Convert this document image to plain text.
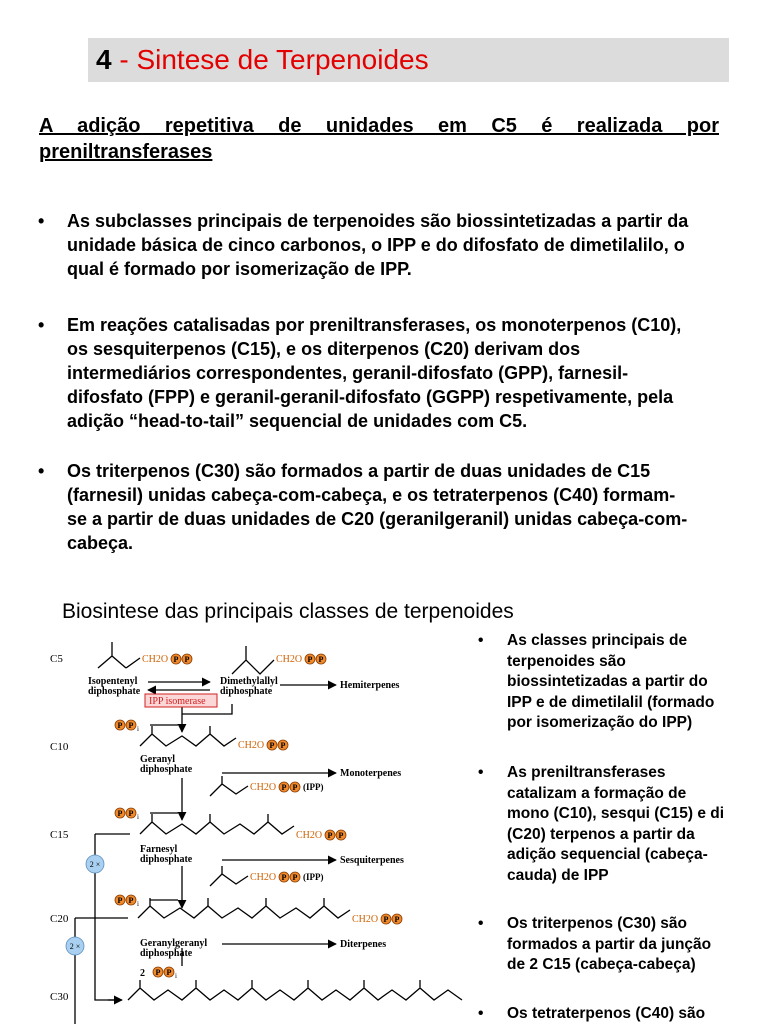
4 - Sintese de Terpenoides
A adição repetitiva de unidades em C5 é realizada por preniltransferases
• As subclasses principais de terpenoides são biossintetizadas a partir da
unidade básica de cinco carbonos, o IPP e do difosfato de dimetilalilo, o
qual é formado por isomerização de IPP.
• Em reações catalisadas por preniltransferases, os monoterpenos (C10),
os sesquiterpenos (C15), e os diterpenos (C20) derivam dos
intermediários correspondentes, geranil-difosfato (GPP), farnesil-
difosfato (FPP) e geranil-geranil-difosfato (GGPP) respetivamente, pela
adição “head-to-tail” sequencial de unidades com C5.
• Os triterpenos (C30) são formados a partir de duas unidades de C15
(farnesil) unidas cabeça-com-cabeça, e os tetraterpenos (C40) formam-
se a partir de duas unidades de C20 (geranilgeranil) unidas cabeça-com-
cabeça.
Biosintese das principais classes de terpenoides
C5
C10
C15
C20
C30
Isopentenyl
diphosphate
Dimethylallyl
diphosphate
Geranyl
diphosphate
Farnesyl
diphosphate
Geranylgeranyl
diphosphate
IPP isomerase
CH2O	CH2O
CH2O
CH2O
CH2O
CH2O
CH2O
P P	P P
P P
P P
P P
P P
P P
P P
P P
P P
P P
i
i
i
i
2
(IPP)
(IPP)
2 ×
2 ×
Hemiterpenes
Monoterpenes
Sesquiterpenes
Diterpenes
• As classes principais de
terpenoides são
biossintetizadas a partir do
IPP e de dimetilalil (formado
por isomerização do IPP)
• As preniltransferases
catalizam a formação de
mono (C10), sesqui (C15) e di
(C20) terpenos a partir da
adição sequencial (cabeça-
cauda) de IPP
• Os triterpenos (C30) são
formados a partir da junção
de 2 C15 (cabeça-cabeça)
• Os tetraterpenos (C40) são
